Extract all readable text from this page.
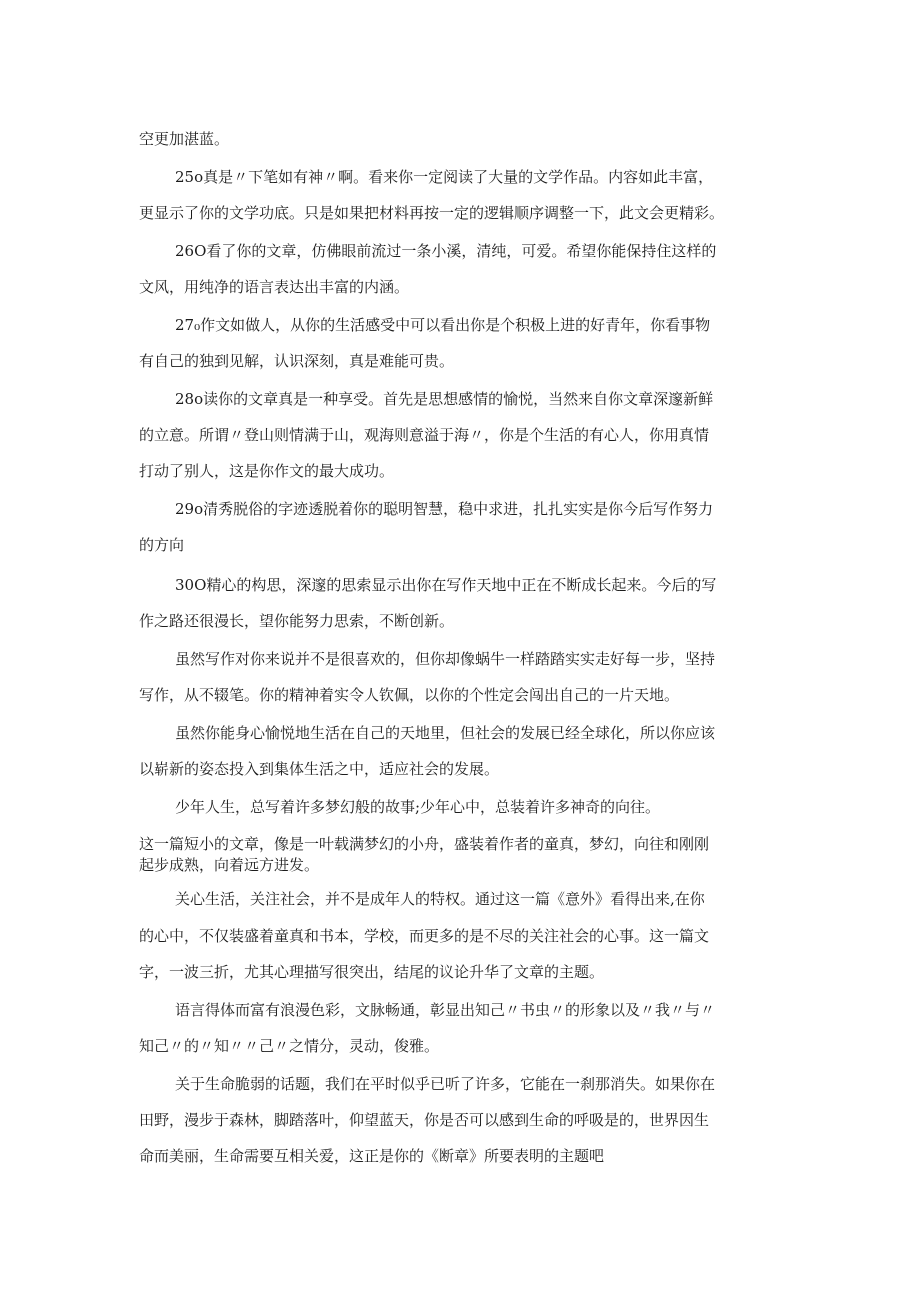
空更加湛蓝。

25o真是〃下笔如有神〃啊。看来你一定阅读了大量的文学作品。内容如此丰富，

更显示了你的文学功底。只是如果把材料再按一定的逻辑顺序调整一下，此文会更精彩。

26O看了你的文章，仿佛眼前流过一条小溪，清纯，可爱。希望你能保持住这样的

文风，用纯净的语言表达出丰富的内涵。

27₀作文如做人，从你的生活感受中可以看出你是个积极上进的好青年，你看事物

有自己的独到见解，认识深刻，真是难能可贵。

28o读你的文章真是一种享受。首先是思想感情的愉悦，当然来自你文章深邃新鲜

的立意。所谓〃登山则情满于山，观海则意溢于海〃，你是个生活的有心人，你用真情

打动了别人，这是你作文的最大成功。

29o清秀脱俗的字迹透脱着你的聪明智慧，稳中求进，扎扎实实是你今后写作努力

的方向

30O精心的构思，深邃的思索显示出你在写作天地中正在不断成长起来。今后的写

作之路还很漫长，望你能努力思索，不断创新。

虽然写作对你来说并不是很喜欢的，但你却像蜗牛一样踏踏实实走好每一步，坚持

写作，从不辍笔。你的精神着实令人钦佩，以你的个性定会闯出自己的一片天地。

虽然你能身心愉悦地生活在自己的天地里，但社会的发展已经全球化，所以你应该

以崭新的姿态投入到集体生活之中，适应社会的发展。

少年人生，总写着许多梦幻般的故事;少年心中，总装着许多神奇的向往。

这一篇短小的文章，像是一叶载满梦幻的小舟，盛装着作者的童真，梦幻，向往和刚刚

起步成熟，向着远方进发。

关心生活，关注社会，并不是成年人的特权。通过这一篇《意外》看得出来,在你

的心中，不仅装盛着童真和书本，学校，而更多的是不尽的关注社会的心事。这一篇文

字，一波三折，尤其心理描写很突出，结尾的议论升华了文章的主题。

语言得体而富有浪漫色彩，文脉畅通，彰显出知己〃书虫〃的形象以及〃我〃与〃

知己〃的〃知〃〃己〃之情分，灵动，俊雅。

关于生命脆弱的话题，我们在平时似乎已听了许多，它能在一刹那消失。如果你在

田野，漫步于森林，脚踏落叶，仰望蓝天，你是否可以感到生命的呼吸是的，世界因生

命而美丽，生命需要互相关爱，这正是你的《断章》所要表明的主题吧
